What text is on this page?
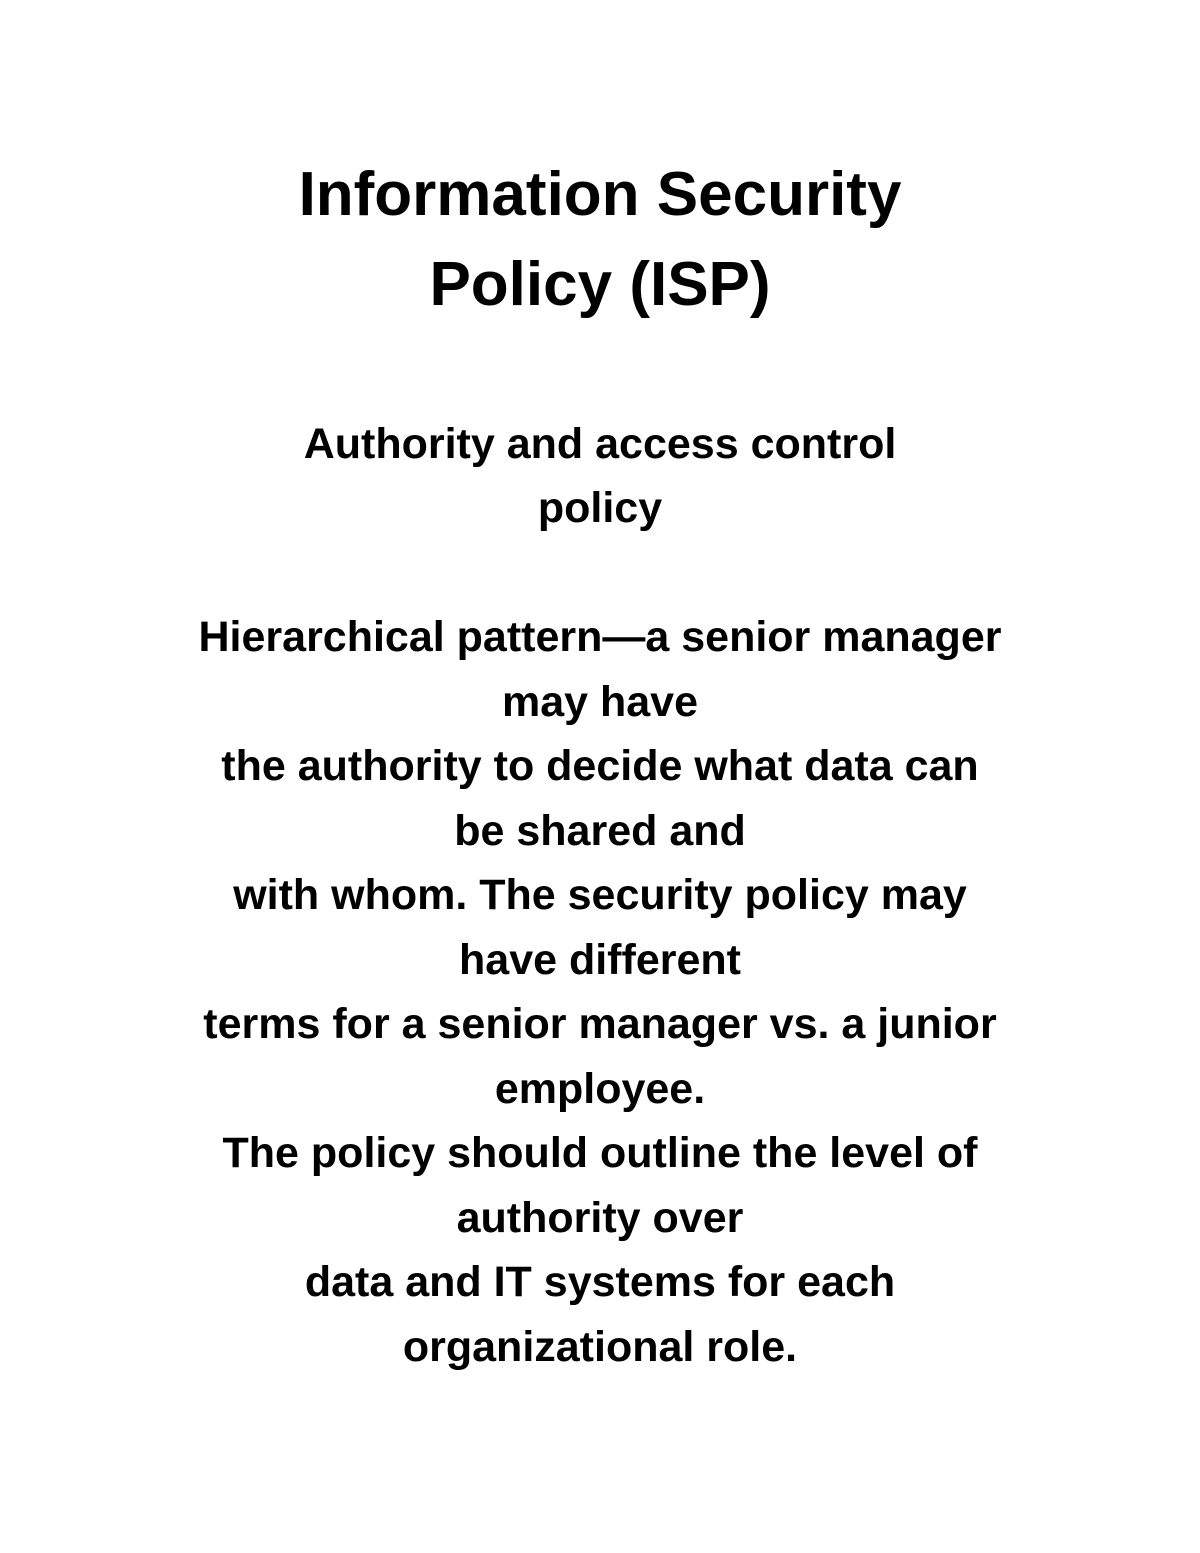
Information Security
Policy (ISP)
Authority and access control
policy
Hierarchical pattern—a senior manager
may have
the authority to decide what data can
be shared and
with whom. The security policy may
have different
terms for a senior manager vs. a junior
employee.
The policy should outline the level of
authority over
data and IT systems for each
organizational role.
